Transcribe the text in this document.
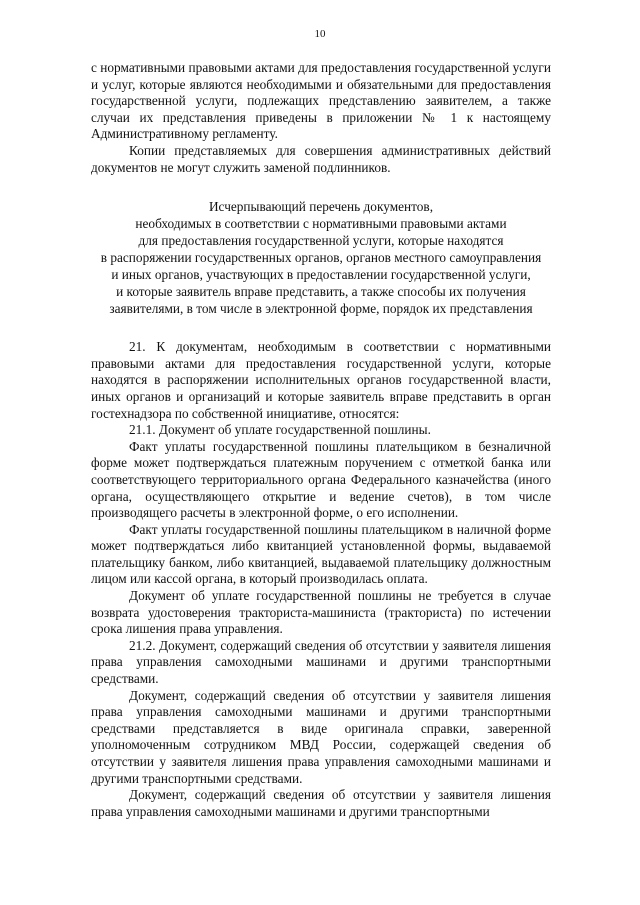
10

с нормативными правовыми актами для предоставления государственной услуги и услуг, которые являются необходимыми и обязательными для предоставления государственной услуги, подлежащих представлению заявителем, а также случаи их представления приведены в приложении № 1 к настоящему Административному регламенту.

Копии представляемых для совершения административных действий документов не могут служить заменой подлинников.

Исчерпывающий перечень документов,
необходимых в соответствии с нормативными правовыми актами
для предоставления государственной услуги, которые находятся
в распоряжении государственных органов, органов местного самоуправления
и иных органов, участвующих в предоставлении государственной услуги,
и которые заявитель вправе представить, а также способы их получения
заявителями, в том числе в электронной форме, порядок их представления

21. К документам, необходимым в соответствии с нормативными правовыми актами для предоставления государственной услуги, которые находятся в распоряжении исполнительных органов государственной власти, иных органов и организаций и которые заявитель вправе представить в орган гостехнадзора по собственной инициативе, относятся:

21.1. Документ об уплате государственной пошлины.

Факт уплаты государственной пошлины плательщиком в безналичной форме может подтверждаться платежным поручением с отметкой банка или соответствующего территориального органа Федерального казначейства (иного органа, осуществляющего открытие и ведение счетов), в том числе производящего расчеты в электронной форме, о его исполнении.

Факт уплаты государственной пошлины плательщиком в наличной форме может подтверждаться либо квитанцией установленной формы, выдаваемой плательщику банком, либо квитанцией, выдаваемой плательщику должностным лицом или кассой органа, в который производилась оплата.

Документ об уплате государственной пошлины не требуется в случае возврата удостоверения тракториста-машиниста (тракториста) по истечении срока лишения права управления.

21.2. Документ, содержащий сведения об отсутствии у заявителя лишения права управления самоходными машинами и другими транспортными средствами.

Документ, содержащий сведения об отсутствии у заявителя лишения права управления самоходными машинами и другими транспортными средствами представляется в виде оригинала справки, заверенной уполномоченным сотрудником МВД России, содержащей сведения об отсутствии у заявителя лишения права управления самоходными машинами и другими транспортными средствами.

Документ, содержащий сведения об отсутствии у заявителя лишения права управления самоходными машинами и другими транспортными
